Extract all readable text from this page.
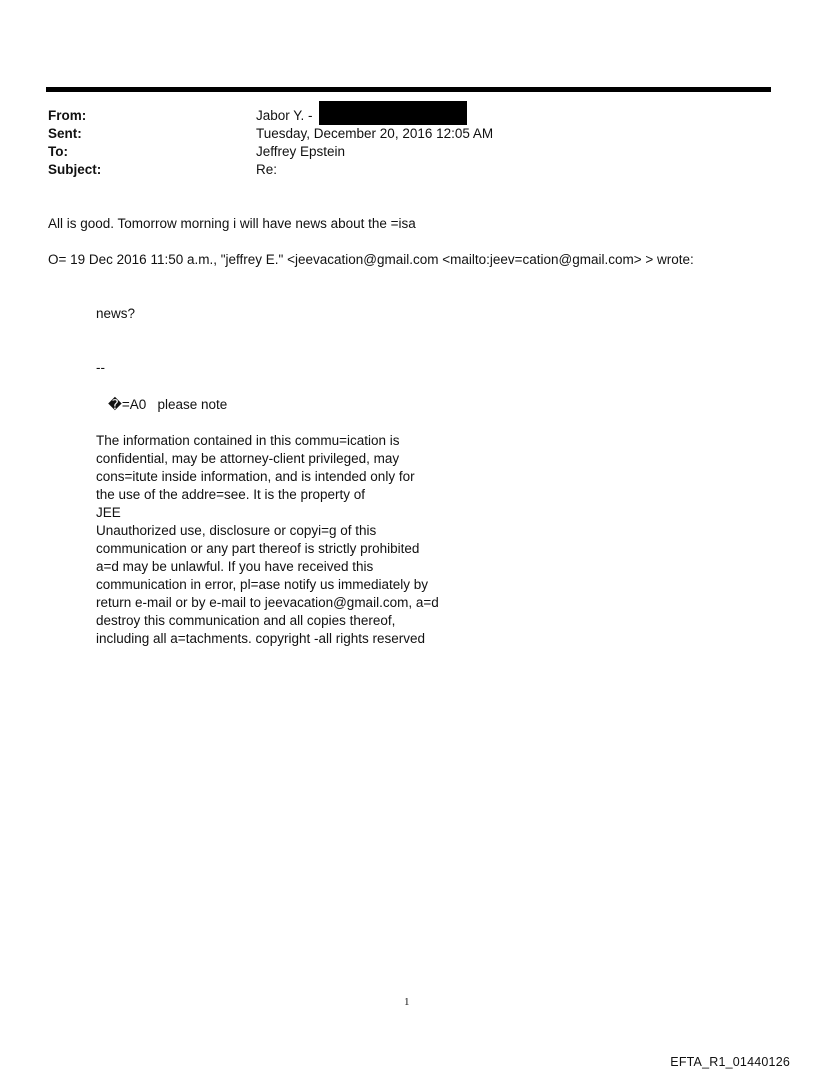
From:	Jabor Y. -
Sent:	Tuesday, December 20, 2016 12:05 AM
To:	Jeffrey Epstein
Subject:	Re:
All is good. Tomorrow morning i will have news about the =isa
O= 19 Dec 2016 11:50 a.m., "jeffrey E." <jeevacation@gmail.com <mailto:jeev=cation@gmail.com> > wrote:
news?
--
�=A0   please note
The information contained in this commu=ication is
confidential, may be attorney-client privileged, may
cons=itute inside information, and is intended only for
the use of the addre=see. It is the property of
JEE
Unauthorized use, disclosure or copyi=g of this
communication or any part thereof is strictly prohibited
a=d may be unlawful. If you have received this
communication in error, pl=ase notify us immediately by
return e-mail or by e-mail to jeevacation@gmail.com, a=d
destroy this communication and all copies thereof,
including all a=tachments. copyright -all rights reserved
1
EFTA_R1_01440126
